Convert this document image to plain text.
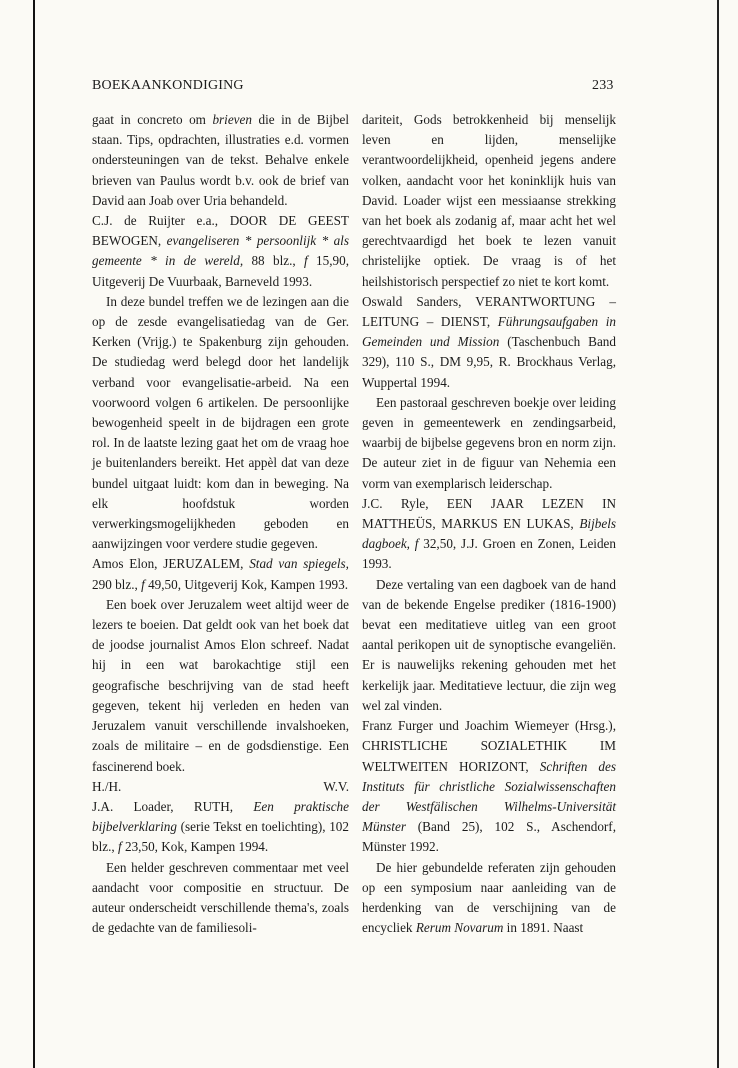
BOEKAANKONDIGING	233

gaat in concreto om brieven die in de Bijbel staan. Tips, opdrachten, illustraties e.d. vormen ondersteuningen van de tekst. Behalve enkele brieven van Paulus wordt b.v. ook de brief van David aan Joab over Uria behandeld.

C.J. de Ruijter e.a., DOOR DE GEEST BEWOGEN, evangeliseren * persoonlijk * als gemeente * in de wereld, 88 blz., f 15,90, Uitgeverij De Vuurbaak, Barneveld 1993.

In deze bundel treffen we de lezingen aan die op de zesde evangelisatiedag van de Ger. Kerken (Vrijg.) te Spakenburg zijn gehouden. De studiedag werd belegd door het landelijk verband voor evangelisatie-arbeid. Na een voorwoord volgen 6 artikelen. De persoonlijke bewogenheid speelt in de bijdragen een grote rol. In de laatste lezing gaat het om de vraag hoe je buitenlanders bereikt. Het appèl dat van deze bundel uitgaat luidt: kom dan in beweging. Na elk hoofdstuk worden verwerkingsmogelijkheden geboden en aanwijzingen voor verdere studie gegeven.

Amos Elon, JERUZALEM, Stad van spiegels, 290 blz., f 49,50, Uitgeverij Kok, Kampen 1993.

Een boek over Jeruzalem weet altijd weer de lezers te boeien. Dat geldt ook van het boek dat de joodse journalist Amos Elon schreef. Nadat hij in een wat barokachtige stijl een geografische beschrijving van de stad heeft gegeven, tekent hij verleden en heden van Jeruzalem vanuit verschillende invalshoeken, zoals de militaire – en de godsdienstige. Een fascinerend boek.

H./H.	W.V.

J.A. Loader, RUTH, Een praktische bijbelverklaring (serie Tekst en toelichting), 102 blz., f 23,50, Kok, Kampen 1994.

Een helder geschreven commentaar met veel aandacht voor compositie en structuur. De auteur onderscheidt verschillende thema's, zoals de gedachte van de familiesoli-

dariteit, Gods betrokkenheid bij menselijk leven en lijden, menselijke verantwoordelijkheid, openheid jegens andere volken, aandacht voor het koninklijk huis van David. Loader wijst een messiaanse strekking van het boek als zodanig af, maar acht het wel gerechtvaardigd het boek te lezen vanuit christelijke optiek. De vraag is of het heilshistorisch perspectief zo niet te kort komt.

Oswald Sanders, VERANTWORTUNG – LEITUNG – DIENST, Führungsaufgaben in Gemeinden und Mission (Taschenbuch Band 329), 110 S., DM 9,95, R. Brockhaus Verlag, Wuppertal 1994.

Een pastoraal geschreven boekje over leiding geven in gemeentewerk en zendingsarbeid, waarbij de bijbelse gegevens bron en norm zijn. De auteur ziet in de figuur van Nehemia een vorm van exemplarisch leiderschap.

J.C. Ryle, EEN JAAR LEZEN IN MATTHEÜS, MARKUS EN LUKAS, Bijbels dagboek, f 32,50, J.J. Groen en Zonen, Leiden 1993.

Deze vertaling van een dagboek van de hand van de bekende Engelse prediker (1816-1900) bevat een meditatieve uitleg van een groot aantal perikopen uit de synoptische evangeliën. Er is nauwelijks rekening gehouden met het kerkelijk jaar. Meditatieve lectuur, die zijn weg wel zal vinden.

Franz Furger und Joachim Wiemeyer (Hrsg.), CHRISTLICHE SOZIALETHIK IM WELTWEITEN HORIZONT, Schriften des Instituts für christliche Sozialwissenschaften der Westfälischen Wilhelms-Universität Münster (Band 25), 102 S., Aschendorf, Münster 1992.

De hier gebundelde referaten zijn gehouden op een symposium naar aanleiding van de herdenking van de verschijning van de encycliek Rerum Novarum in 1891. Naast
